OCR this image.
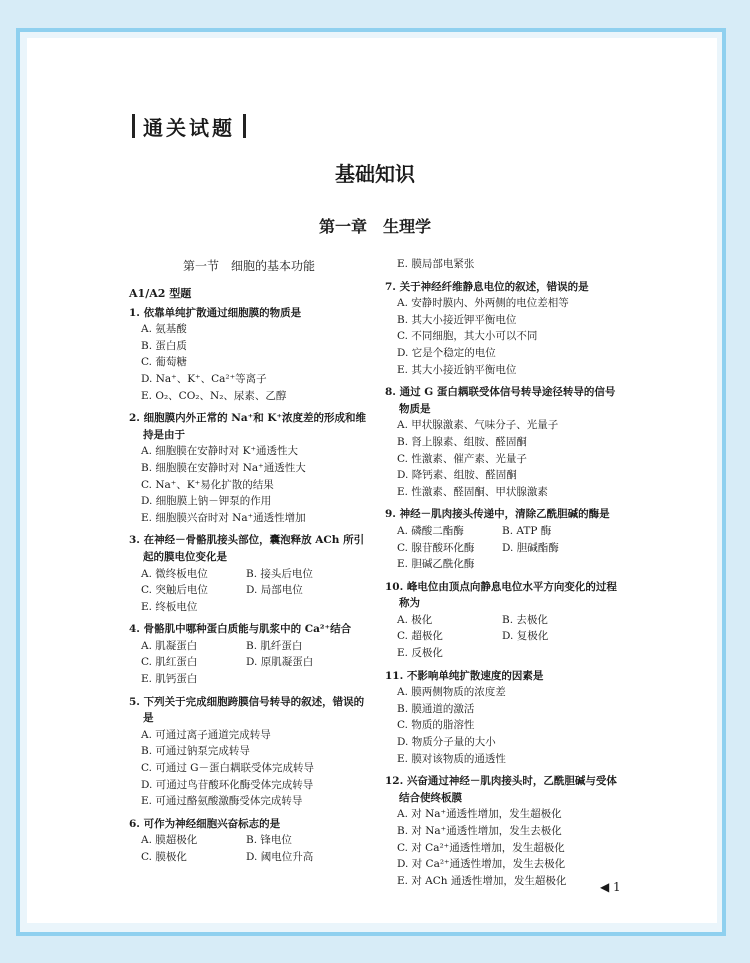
通关试题
基础知识
第一章　生理学
第一节　细胞的基本功能
A1/A2 型题
1. 依靠单纯扩散通过细胞膜的物质是
A. 氨基酸
B. 蛋白质
C. 葡萄糖
D. Na⁺、K⁺、Ca²⁺等离子
E. O₂、CO₂、N₂、尿素、乙醇
2. 细胞膜内外正常的 Na⁺和 K⁺浓度差的形成和维持是由于
A. 细胞膜在安静时对 K⁺通透性大
B. 细胞膜在安静时对 Na⁺通透性大
C. Na⁺、K⁺易化扩散的结果
D. 细胞膜上钠－钾泵的作用
E. 细胞膜兴奋时对 Na⁺通透性增加
3. 在神经－骨骼肌接头部位，囊泡释放 ACh 所引起的膜电位变化是
A. 微终板电位	B. 接头后电位
C. 突触后电位	D. 局部电位
E. 终板电位
4. 骨骼肌中哪种蛋白质能与肌浆中的 Ca²⁺结合
A. 肌凝蛋白	B. 肌纤蛋白
C. 肌红蛋白	D. 原肌凝蛋白
E. 肌钙蛋白
5. 下列关于完成细胞跨膜信号转导的叙述，错误的是
A. 可通过离子通道完成转导
B. 可通过钠泵完成转导
C. 可通过 G－蛋白耦联受体完成转导
D. 可通过鸟苷酸环化酶受体完成转导
E. 可通过酪氨酸激酶受体完成转导
6. 可作为神经细胞兴奋标志的是
A. 膜超极化	B. 锋电位
C. 膜极化	D. 阈电位升高
E. 膜局部电紧张
7. 关于神经纤维静息电位的叙述，错误的是
A. 安静时膜内、外两侧的电位差相等
B. 其大小接近钾平衡电位
C. 不同细胞，其大小可以不同
D. 它是个稳定的电位
E. 其大小接近钠平衡电位
8. 通过 G 蛋白耦联受体信号转导途径转导的信号物质是
A. 甲状腺激素、气味分子、光量子
B. 肾上腺素、组胺、醛固酮
C. 性激素、催产素、光量子
D. 降钙素、组胺、醛固酮
E. 性激素、醛固酮、甲状腺激素
9. 神经－肌肉接头传递中，清除乙酰胆碱的酶是
A. 磷酸二酯酶	B. ATP 酶
C. 腺苷酸环化酶	D. 胆碱酯酶
E. 胆碱乙酰化酶
10. 峰电位由顶点向静息电位水平方向变化的过程称为
A. 极化	B. 去极化
C. 超极化	D. 复极化
E. 反极化
11. 不影响单纯扩散速度的因素是
A. 膜两侧物质的浓度差
B. 膜通道的激活
C. 物质的脂溶性
D. 物质分子量的大小
E. 膜对该物质的通透性
12. 兴奋通过神经－肌肉接头时，乙酰胆碱与受体结合使终板膜
A. 对 Na⁺通透性增加，发生超极化
B. 对 Na⁺通透性增加，发生去极化
C. 对 Ca²⁺通透性增加，发生超极化
D. 对 Ca²⁺通透性增加，发生去极化
E. 对 ACh 通透性增加，发生超极化	◀ 1
